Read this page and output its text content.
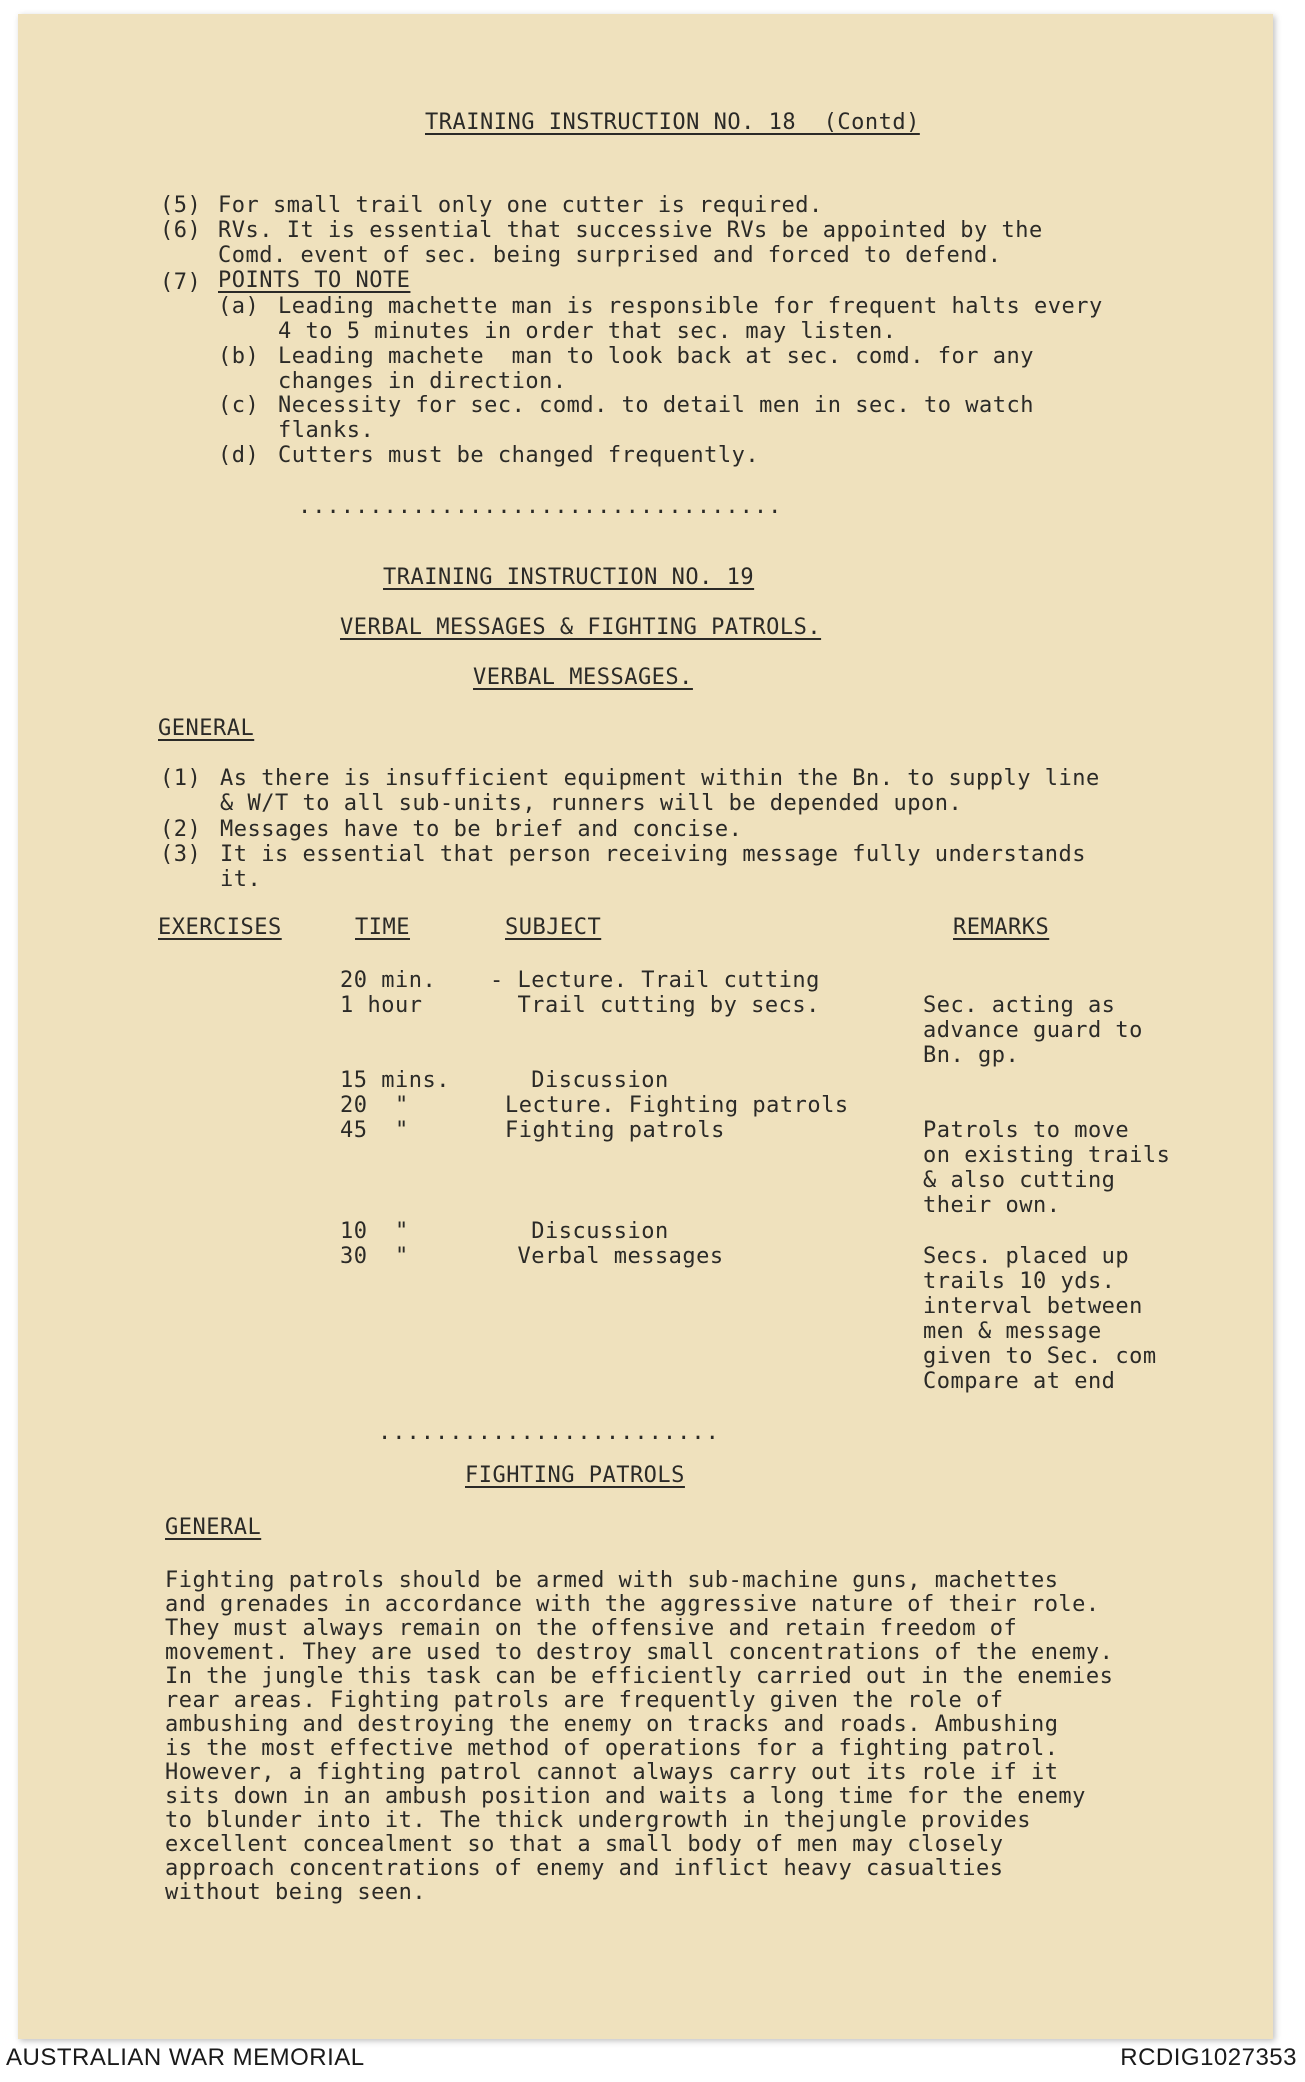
TRAINING INSTRUCTION NO. 18  (Contd)
(5) For small trail only one cutter is required.
(6) RVs. It is essential that successive RVs be appointed by the
Comd. event of sec. being surprised and forced to defend.
(7) POINTS TO NOTE
(a) Leading machette man is responsible for frequent halts every
4 to 5 minutes in order that sec. may listen.
(b) Leading machete  man to look back at sec. comd. for any
changes in direction.
(c) Necessity for sec. comd. to detail men in sec. to watch
flanks.
(d) Cutters must be changed frequently.
..................................
TRAINING INSTRUCTION NO. 19
VERBAL MESSAGES & FIGHTING PATROLS.
VERBAL MESSAGES.
GENERAL
(1) As there is insufficient equipment within the Bn. to supply line
& W/T to all sub-units, runners will be depended upon.
(2) Messages have to be brief and concise.
(3) It is essential that person receiving message fully understands
it.
EXERCISES	TIME	SUBJECT	REMARKS
20 min. - Lecture. Trail cutting
1 hour	Trail cutting by secs.	Sec. acting as
advance guard to
Bn. gp.
15 mins. Discussion
20  "	Lecture. Fighting patrols
45  "	Fighting patrols	Patrols to move
on existing trails
& also cutting
their own.
10  "	Discussion
30  "	Verbal messages	Secs. placed up
trails 10 yds.
interval between
men & message
given to Sec. com
Compare at end
........................
FIGHTING PATROLS
GENERAL
Fighting patrols should be armed with sub-machine guns, machettes
and grenades in accordance with the aggressive nature of their role.
They must always remain on the offensive and retain freedom of
movement. They are used to destroy small concentrations of the enemy.
In the jungle this task can be efficiently carried out in the enemies
rear areas. Fighting patrols are frequently given the role of
ambushing and destroying the enemy on tracks and roads. Ambushing
is the most effective method of operations for a fighting patrol.
However, a fighting patrol cannot always carry out its role if it
sits down in an ambush position and waits a long time for the enemy
to blunder into it. The thick undergrowth in thejungle provides
excellent concealment so that a small body of men may closely
approach concentrations of enemy and inflict heavy casualties
without being seen.
AUSTRALIAN WAR MEMORIAL	RCDIG1027353
